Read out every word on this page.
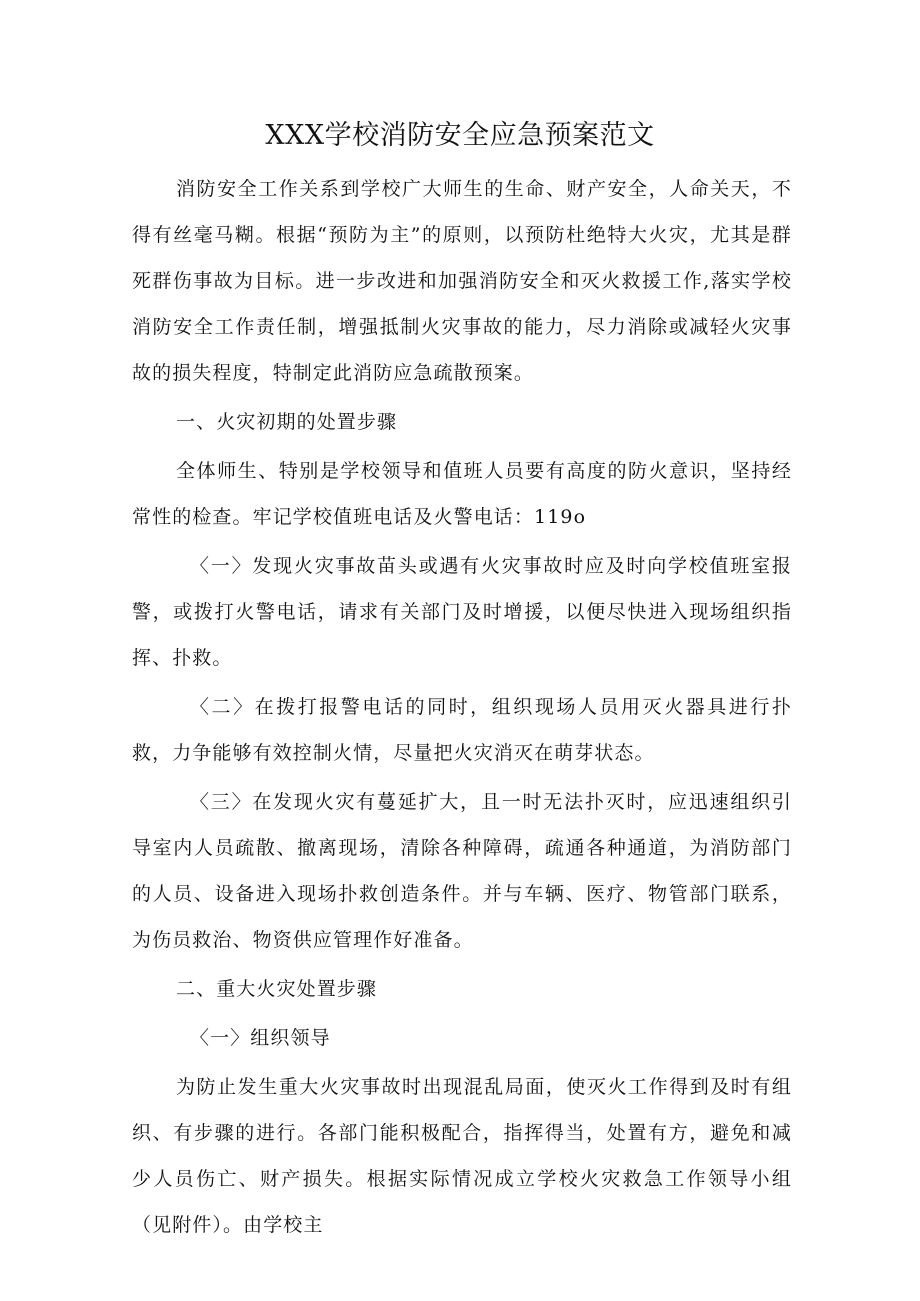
XXX学校消防安全应急预案范文

消防安全工作关系到学校广大师生的生命、财产安全，人命关天，不得有丝毫马糊。根据“预防为主”的原则，以预防杜绝特大火灾，尤其是群死群伤事故为目标。进一步改进和加强消防安全和灭火救援工作,落实学校消防安全工作责任制，增强抵制火灾事故的能力，尽力消除或减轻火灾事故的损失程度，特制定此消防应急疏散预案。

一、火灾初期的处置步骤

全体师生、特别是学校领导和值班人员要有高度的防火意识，坚持经常性的检查。牢记学校值班电话及火警电话：119o

〈一〉发现火灾事故苗头或遇有火灾事故时应及时向学校值班室报警，或拨打火警电话，请求有关部门及时增援，以便尽快进入现场组织指挥、扑救。

〈二〉在拨打报警电话的同时，组织现场人员用灭火器具进行扑救，力争能够有效控制火情，尽量把火灾消灭在萌芽状态。

〈三〉在发现火灾有蔓延扩大，且一时无法扑灭时，应迅速组织引导室内人员疏散、撤离现场，清除各种障碍，疏通各种通道，为消防部门的人员、设备进入现场扑救创造条件。并与车辆、医疗、物管部门联系，为伤员救治、物资供应管理作好准备。

二、重大火灾处置步骤

〈一〉组织领导

为防止发生重大火灾事故时出现混乱局面，使灭火工作得到及时有组织、有步骤的进行。各部门能积极配合，指挥得当，处置有方，避免和减少人员伤亡、财产损失。根据实际情况成立学校火灾救急工作领导小组（见附件）。由学校主
